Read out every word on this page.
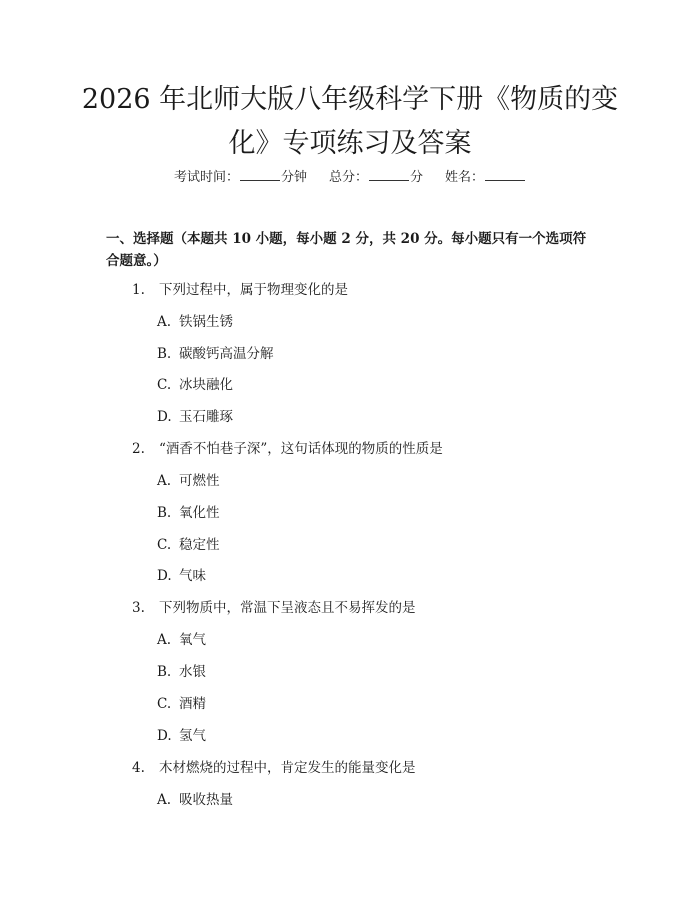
2026 年北师大版八年级科学下册《物质的变化》专项练习及答案
考试时间：	分钟 总分：	分 姓名：
一、选择题（本题共 10 小题，每小题 2 分，共 20 分。每小题只有一个选项符合题意。）
1. 下列过程中，属于物理变化的是
A. 铁锅生锈
B. 碳酸钙高温分解
C. 冰块融化
D. 玉石雕琢
2. “酒香不怕巷子深”，这句话体现的物质的性质是
A. 可燃性
B. 氧化性
C. 稳定性
D. 气味
3. 下列物质中，常温下呈液态且不易挥发的是
A. 氧气
B. 水银
C. 酒精
D. 氢气
4. 木材燃烧的过程中，肯定发生的能量变化是
A. 吸收热量
